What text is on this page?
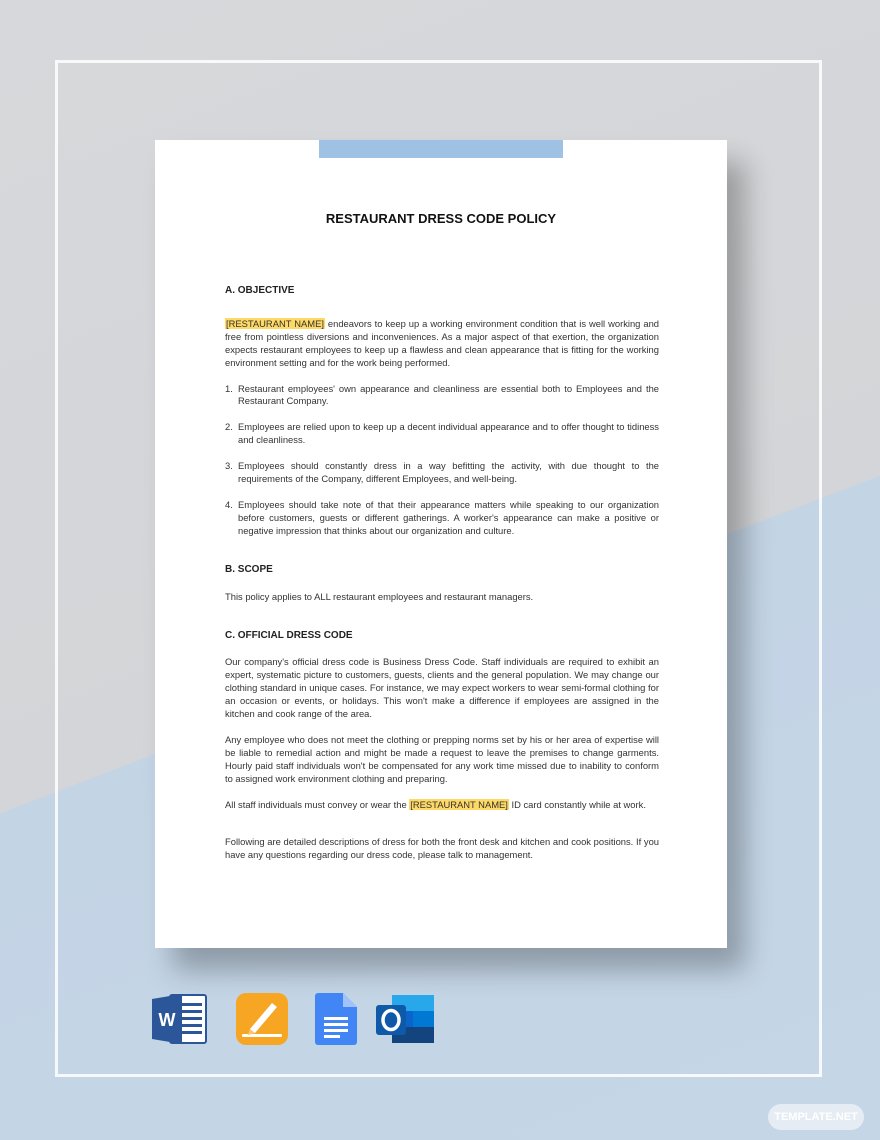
RESTAURANT DRESS CODE POLICY

A. OBJECTIVE

[RESTAURANT NAME] endeavors to keep up a working environment condition that is well working and free from pointless diversions and inconveniences. As a major aspect of that exertion, the organization expects restaurant employees to keep up a flawless and clean appearance that is fitting for the working environment setting and for the work being performed.

1. Restaurant employees' own appearance and cleanliness are essential both to Employees and the Restaurant Company.
2. Employees are relied upon to keep up a decent individual appearance and to offer thought to tidiness and cleanliness.
3. Employees should constantly dress in a way befitting the activity, with due thought to the requirements of the Company, different Employees, and well-being.
4. Employees should take note of that their appearance matters while speaking to our organization before customers, guests or different gatherings. A worker's appearance can make a positive or negative impression that thinks about our organization and culture.

B. SCOPE

This policy applies to ALL restaurant employees and restaurant managers.

C. OFFICIAL DRESS CODE

Our company's official dress code is Business Dress Code. Staff individuals are required to exhibit an expert, systematic picture to customers, guests, clients and the general population. We may change our clothing standard in unique cases. For instance, we may expect workers to wear semi-formal clothing for an occasion or events, or holidays. This won't make a difference if employees are assigned in the kitchen and cook range of the area.

Any employee who does not meet the clothing or prepping norms set by his or her area of expertise will be liable to remedial action and might be made a request to leave the premises to change garments. Hourly paid staff individuals won't be compensated for any work time missed due to inability to conform to assigned work environment clothing and preparing.

All staff individuals must convey or wear the [RESTAURANT NAME] ID card constantly while at work.

Following are detailed descriptions of dress for both the front desk and kitchen and cook positions. If you have any questions regarding our dress code, please talk to management.

W
TEMPLATE.NET
